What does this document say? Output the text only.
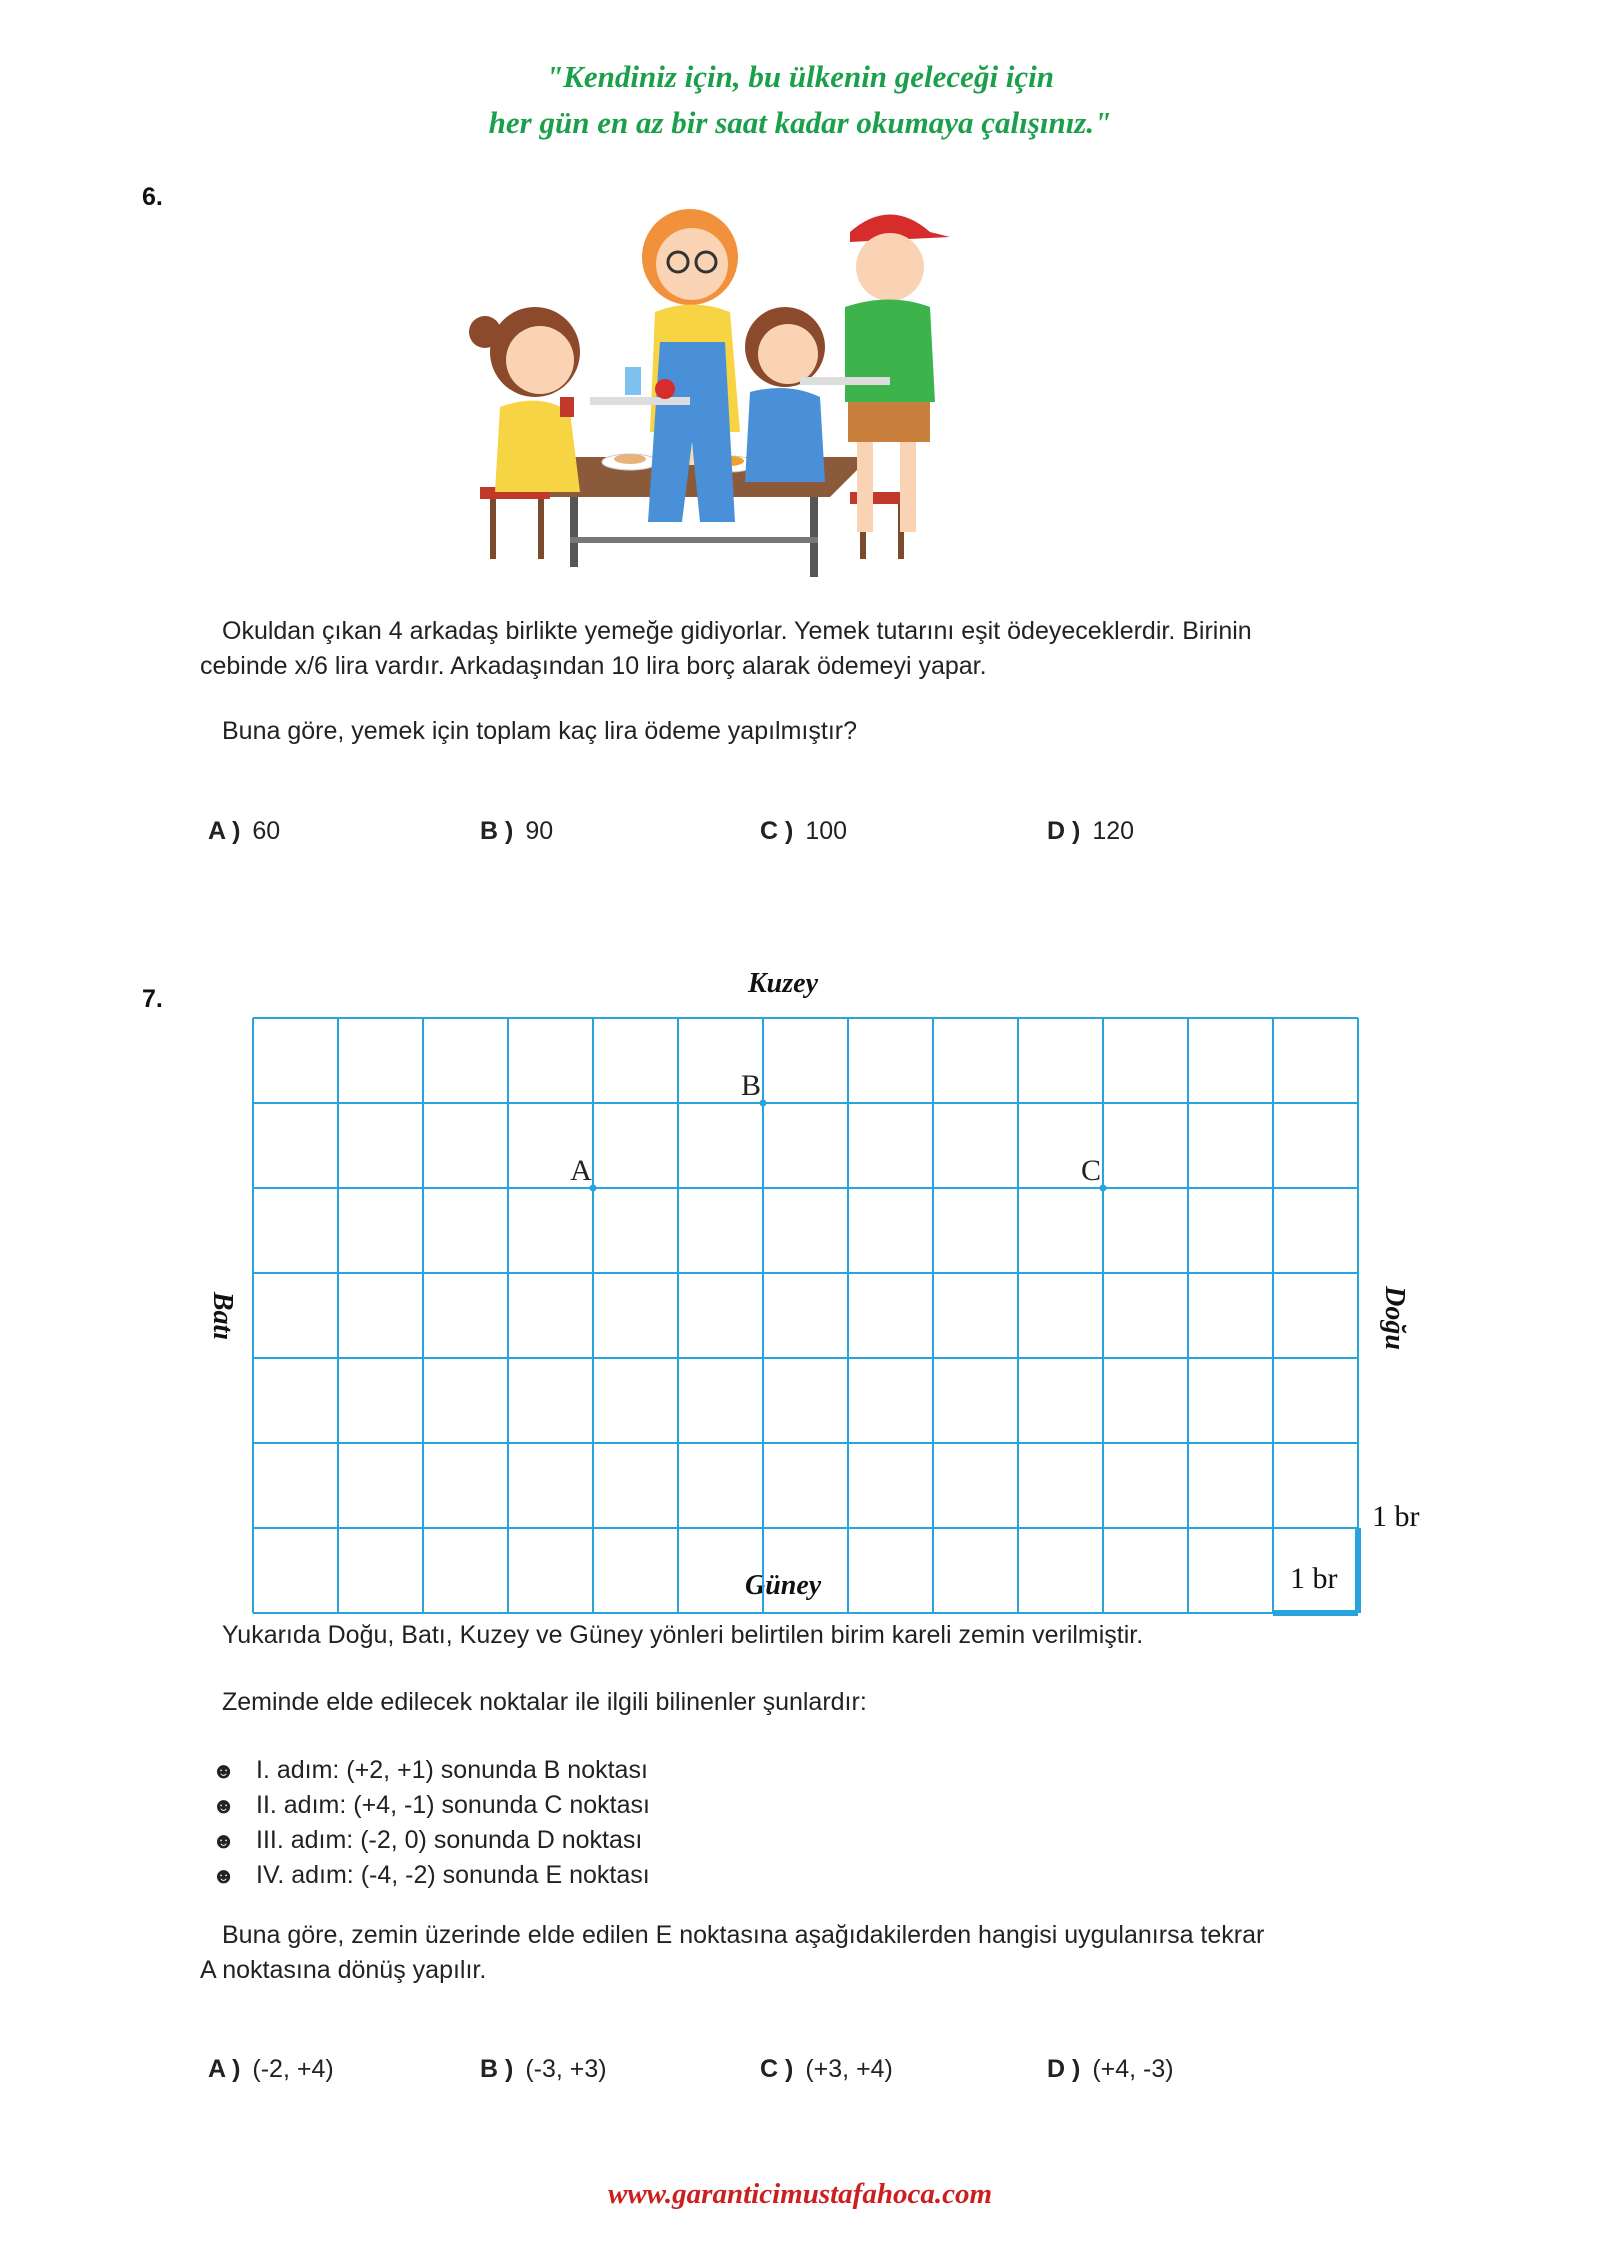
"Kendiniz için, bu ülkenin geleceği için
her gün en az bir saat kadar okumaya çalışınız."
6.
Okuldan çıkan 4 arkadaş birlikte yemeğe gidiyorlar. Yemek tutarını eşit ödeyeceklerdir. Birinin
cebinde x/6 lira vardır. Arkadaşından 10 lira borç alarak ödemeyi yapar.
Buna göre, yemek için toplam kaç lira ödeme yapılmıştır?
A ) 60	B ) 90	C ) 100	D ) 120
7.	Kuzey
Güney
Batı	Doğu
1 br
1 br
B
A	C
Yukarıda Doğu, Batı, Kuzey ve Güney yönleri belirtilen birim kareli zemin verilmiştir.
Zeminde elde edilecek noktalar ile ilgili bilinenler şunlardır:
☻ I. adım: (+2, +1) sonunda B noktası
☻ II. adım: (+4, -1) sonunda C noktası
☻ III. adım: (-2, 0) sonunda D noktası
☻ IV. adım: (-4, -2) sonunda E noktası
Buna göre, zemin üzerinde elde edilen E noktasına aşağıdakilerden hangisi uygulanırsa tekrar
A noktasına dönüş yapılır.
A ) (-2, +4)	B ) (-3, +3)	C ) (+3, +4)	D ) (+4, -3)
www.garanticimustafahoca.com
